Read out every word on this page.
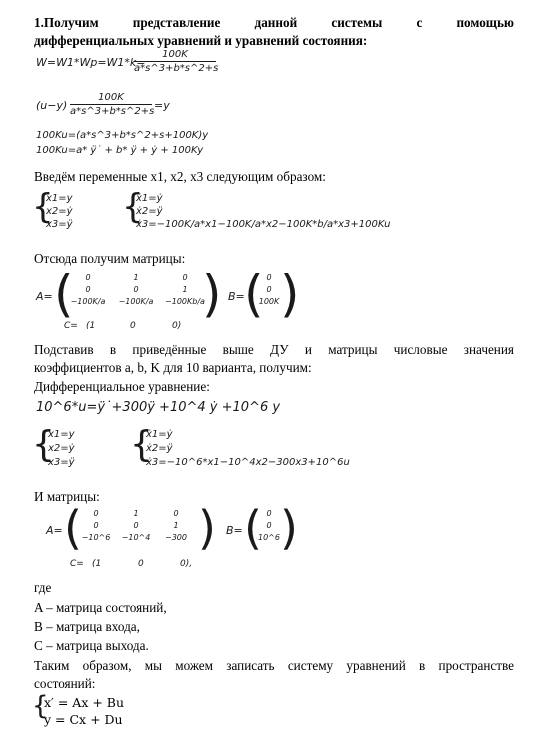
1.Получим представление данной системы с помощью
дифференциальных уравнений и уравнений состояния:
W=W1*Wp=W1*k=
100K
a*s^3+b*s^2+s
(u−y)
100K
a*s^3+b*s^2+s =y
100Ku=(a*s^3+b*s^2+s+100K)y
100Ku=a* ÿ˙ + b* ÿ + ẏ + 100Ky
Введём переменные x1, x2, x3 следующим образом:
{
x1=y
x2=ẏ
x3=ÿ {
ẋ1=ẏ
ẋ2=ÿ
ẋ3=−100K/a*x1−100K/a*x2−100K*b/a*x3+100Ku
Отсюда получим матрицы:
A= (	0	1	0
0	0	1
−100K/a	−100K/a	−100Kb/a
) B= ( 0
0
100K )
C= (1	0	0)
Подставив в приведённые выше ДУ и матрицы числовые значения
коэффициентов a, b, K для 10 варианта, получим:
Дифференциальное уравнение:
10^6*u=ÿ˙+300ÿ +10^4 ẏ +10^6 y
{
x1=y
x2=ẏ
x3=ÿ {
ẋ1=ẏ
ẋ2=ÿ
ẋ3=−10^6*x1−10^4x2−300x3+10^6u
И матрицы:
A= (	0	1	0
0	0	1
−10^6	−10^4	−300 ) B= ( 0
0
10^6 )
C= (1	0	0),
где
A – матрица состояний,
B – матрица входа,
C – матрица выхода.
Таким образом, мы можем записать систему уравнений в пространстве
состояний:
{
x′ = Ax + Bu
y = Cx + Du
